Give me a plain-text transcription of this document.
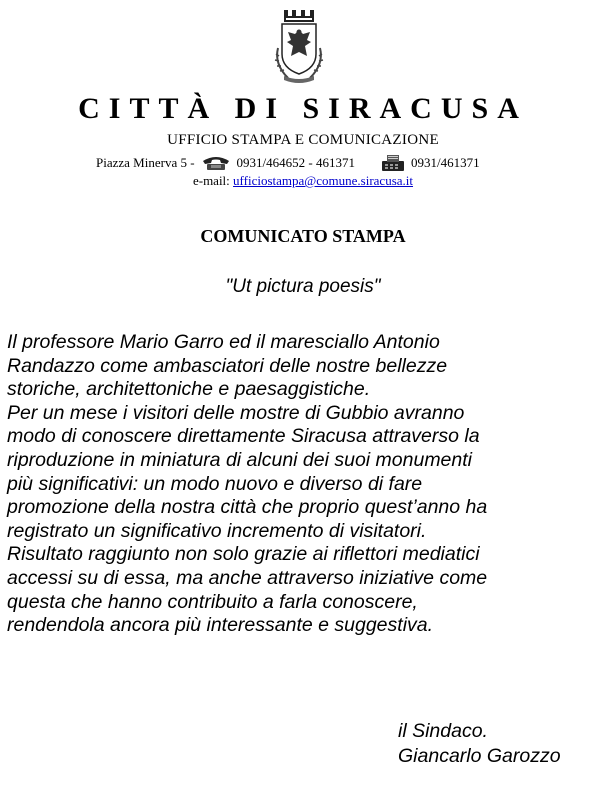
CITTÀ DI SIRACUSA
UFFICIO STAMPA E COMUNICAZIONE
Piazza Minerva 5 -	0931/464652 - 461371	0931/461371
e-mail: ufficiostampa@comune.siracusa.it
COMUNICATO STAMPA
"Ut pictura poesis"
Il professore Mario Garro ed il maresciallo Antonio
Randazzo come ambasciatori delle nostre bellezze
storiche, architettoniche e paesaggistiche.
Per un mese i visitori delle mostre di Gubbio avranno
modo di conoscere direttamente Siracusa attraverso la
riproduzione in miniatura di alcuni dei suoi monumenti
più significativi: un modo nuovo e diverso di fare
promozione della nostra città che proprio quest’anno ha
registrato un significativo incremento di visitatori.
Risultato raggiunto non solo grazie ai riflettori mediatici
accessi su di essa, ma anche attraverso iniziative come
questa che hanno contribuito a farla conoscere,
rendendola ancora più interessante e suggestiva.
il Sindaco.
Giancarlo Garozzo
